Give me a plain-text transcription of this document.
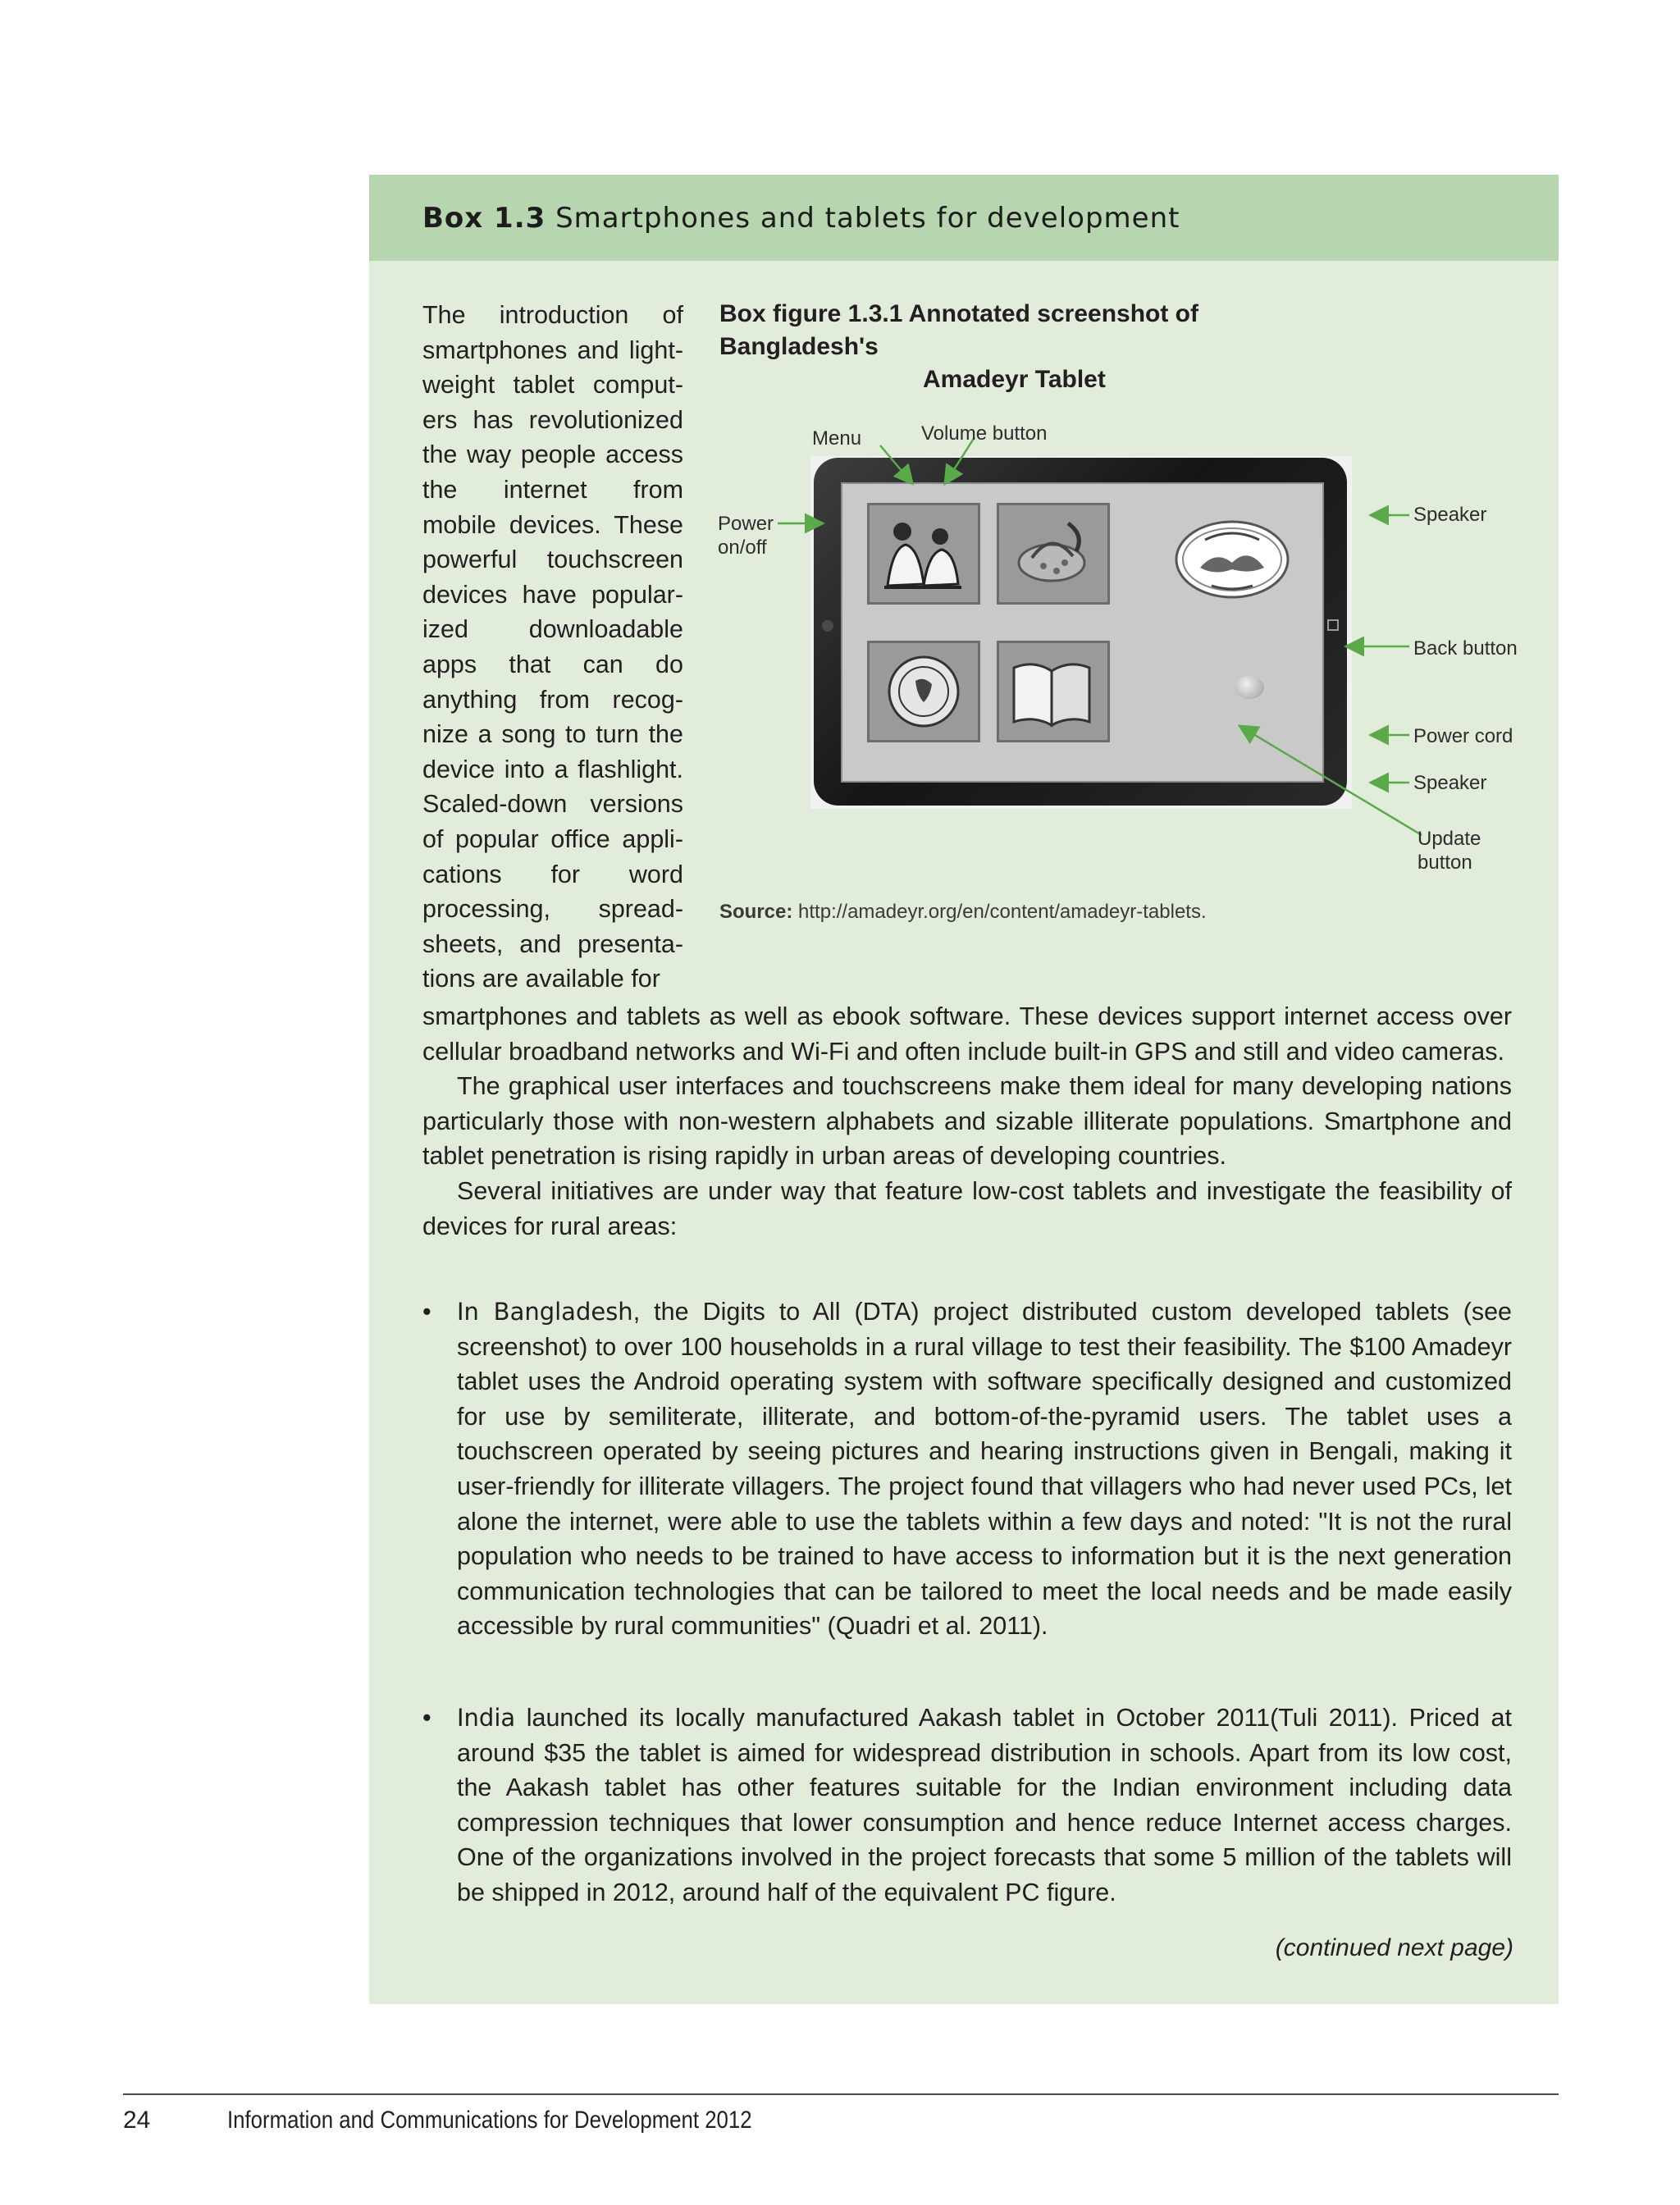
Box 1.3 Smartphones and tablets for development
The introduction of smartphones and light-weight tablet comput-ers has revolutionized the way people access the internet from mobile devices. These powerful touchscreen devices have popular-ized downloadable apps that can do anything from recog-nize a song to turn the device into a flashlight. Scaled-down versions of popular office appli-cations for word processing, spread-sheets, and presenta-tions are available for
Box figure 1.3.1 Annotated screenshot of Bangladesh's
Amadeyr Tablet
Menu	Volume button
Power
on/off
Speaker
Back button
Power cord
Speaker
Update
button
Source: http://amadeyr.org/en/content/amadeyr-tablets.

smartphones and tablets as well as ebook software. These devices support internet access over cellular broadband networks and Wi-Fi and often include built-in GPS and still and video cameras.

The graphical user interfaces and touchscreens make them ideal for many developing nations particularly those with non-western alphabets and sizable illiterate populations. Smartphone and tablet penetration is rising rapidly in urban areas of developing countries.

Several initiatives are under way that feature low-cost tablets and investigate the feasibility of devices for rural areas:

• In Bangladesh, the Digits to All (DTA) project distributed custom developed tablets (see screenshot) to over 100 households in a rural village to test their feasibility. The $100 Amadeyr tablet uses the Android operating system with software specifically designed and customized for use by semiliterate, illiterate, and bottom-of-the-pyramid users. The tablet uses a touchscreen operated by seeing pictures and hearing instructions given in Bengali, making it user-friendly for illiterate villagers. The project found that villagers who had never used PCs, let alone the internet, were able to use the tablets within a few days and noted: "It is not the rural population who needs to be trained to have access to information but it is the next generation communication technologies that can be tailored to meet the local needs and be made easily accessible by rural communities" (Quadri et al. 2011).
• India launched its locally manufactured Aakash tablet in October 2011(Tuli 2011). Priced at around $35 the tablet is aimed for widespread distribution in schools. Apart from its low cost, the Aakash tablet has other features suitable for the Indian environment including data compression techniques that lower consumption and hence reduce Internet access charges. One of the organizations involved in the project forecasts that some 5 million of the tablets will be shipped in 2012, around half of the equivalent PC figure.
(continued next page)
24	Information and Communications for Development 2012
